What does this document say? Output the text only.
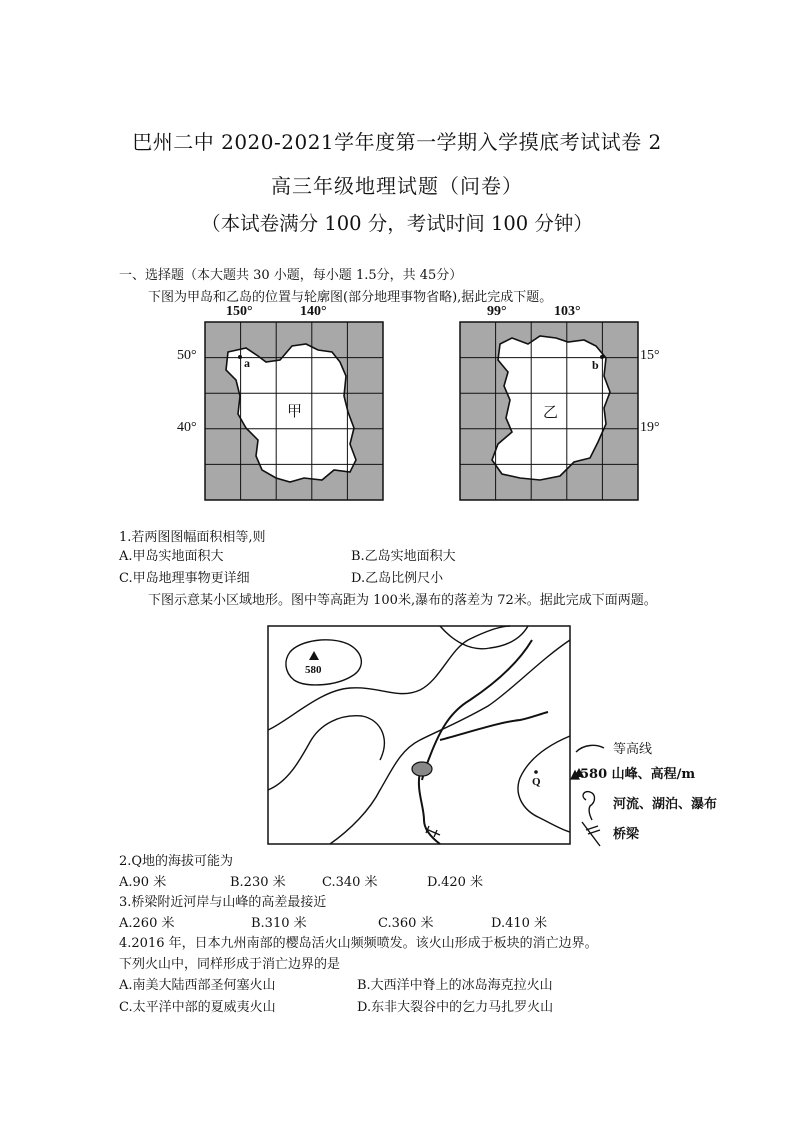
巴州二中 2020-2021学年度第一学期入学摸底考试试卷 2
高三年级地理试题（问卷）
（本试卷满分 100 分，考试时间 100 分钟）
一、选择题（本大题共 30 小题，每小题 1.5分，共 45分）
下图为甲岛和乙岛的位置与轮廓图(部分地理事物省略),据此完成下题。
150°	140°
50°
40°
a
甲
99°	103°
15°
19°
b
乙
1.若两图图幅面积相等,则
A.甲岛实地面积大	B.乙岛实地面积大
C.甲岛地理事物更详细	D.乙岛比例尺小
下图示意某小区域地形。图中等高距为 100米,瀑布的落差为 72米。据此完成下面两题。
580
Q
等高线
▲580 山峰、高程/m
河流、湖泊、瀑布
桥梁
2.Q地的海拔可能为
A.90 米	B.230 米	C.340 米	D.420 米
3.桥梁附近河岸与山峰的高差最接近
A.260 米	B.310 米	C.360 米	D.410 米
4.2016 年，日本九州南部的樱岛活火山频频喷发。该火山形成于板块的消亡边界。
下列火山中，同样形成于消亡边界的是
A.南美大陆西部圣何塞火山	B.大西洋中脊上的冰岛海克拉火山
C.太平洋中部的夏威夷火山	D.东非大裂谷中的乞力马扎罗火山
